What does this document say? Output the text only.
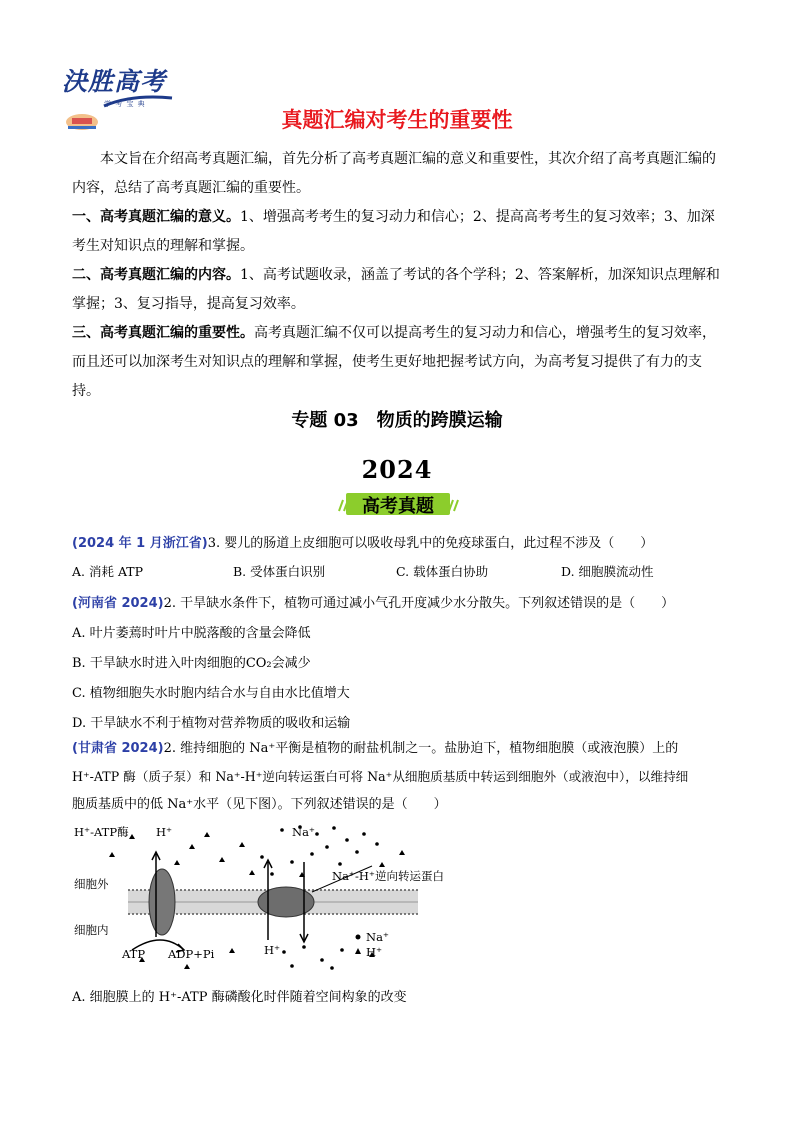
決胜高考
学 考 宝 典
真题汇编对考生的重要性

本文旨在介绍高考真题汇编，首先分析了高考真题汇编的意义和重要性，其次介绍了高考真题汇编的内容，总结了高考真题汇编的重要性。

一、高考真题汇编的意义。1、增强高考考生的复习动力和信心；2、提高高考考生的复习效率；3、加深考生对知识点的理解和掌握。

二、高考真题汇编的内容。1、高考试题收录，涵盖了考试的各个学科；2、答案解析，加深知识点理解和掌握；3、复习指导，提高复习效率。

三、高考真题汇编的重要性。高考真题汇编不仅可以提高考生的复习动力和信心，增强考生的复习效率，而且还可以加深考生对知识点的理解和掌握，使考生更好地把握考试方向，为高考复习提供了有力的支持。

专题 03　物质的跨膜运输
2024
高考真题
(2024 年 1 月浙江省)3. 婴儿的肠道上皮细胞可以吸收母乳中的免疫球蛋白，此过程不涉及（　　）
A. 消耗 ATP	B. 受体蛋白识别	C. 载体蛋白协助	D. 细胞膜流动性
(河南省 2024)2. 干旱缺水条件下，植物可通过减小气孔开度减少水分散失。下列叙述错误的是（　　）
A. 叶片萎蔫时叶片中脱落酸的含量会降低
B. 干旱缺水时进入叶肉细胞的CO₂会减少
C. 植物细胞失水时胞内结合水与自由水比值增大
D. 干旱缺水不利于植物对营养物质的吸收和运输
(甘肃省 2024)2. 维持细胞的 Na⁺平衡是植物的耐盐机制之一。盐胁迫下，植物细胞膜（或液泡膜）上的
H⁺-ATP 酶（质子泵）和 Na⁺-H⁺逆向转运蛋白可将 Na⁺从细胞质基质中转运到细胞外（或液泡中），以维持细
胞质基质中的低 Na⁺水平（见下图）。下列叙述错误的是（　　）
H⁺-ATP酶 H⁺	Na⁺
Na⁺-H⁺逆向转运蛋白
细胞外
细胞内
ATP ADP+Pi	H⁺
Na⁺
H⁺
A. 细胞膜上的 H⁺-ATP 酶磷酸化时伴随着空间构象的改变
